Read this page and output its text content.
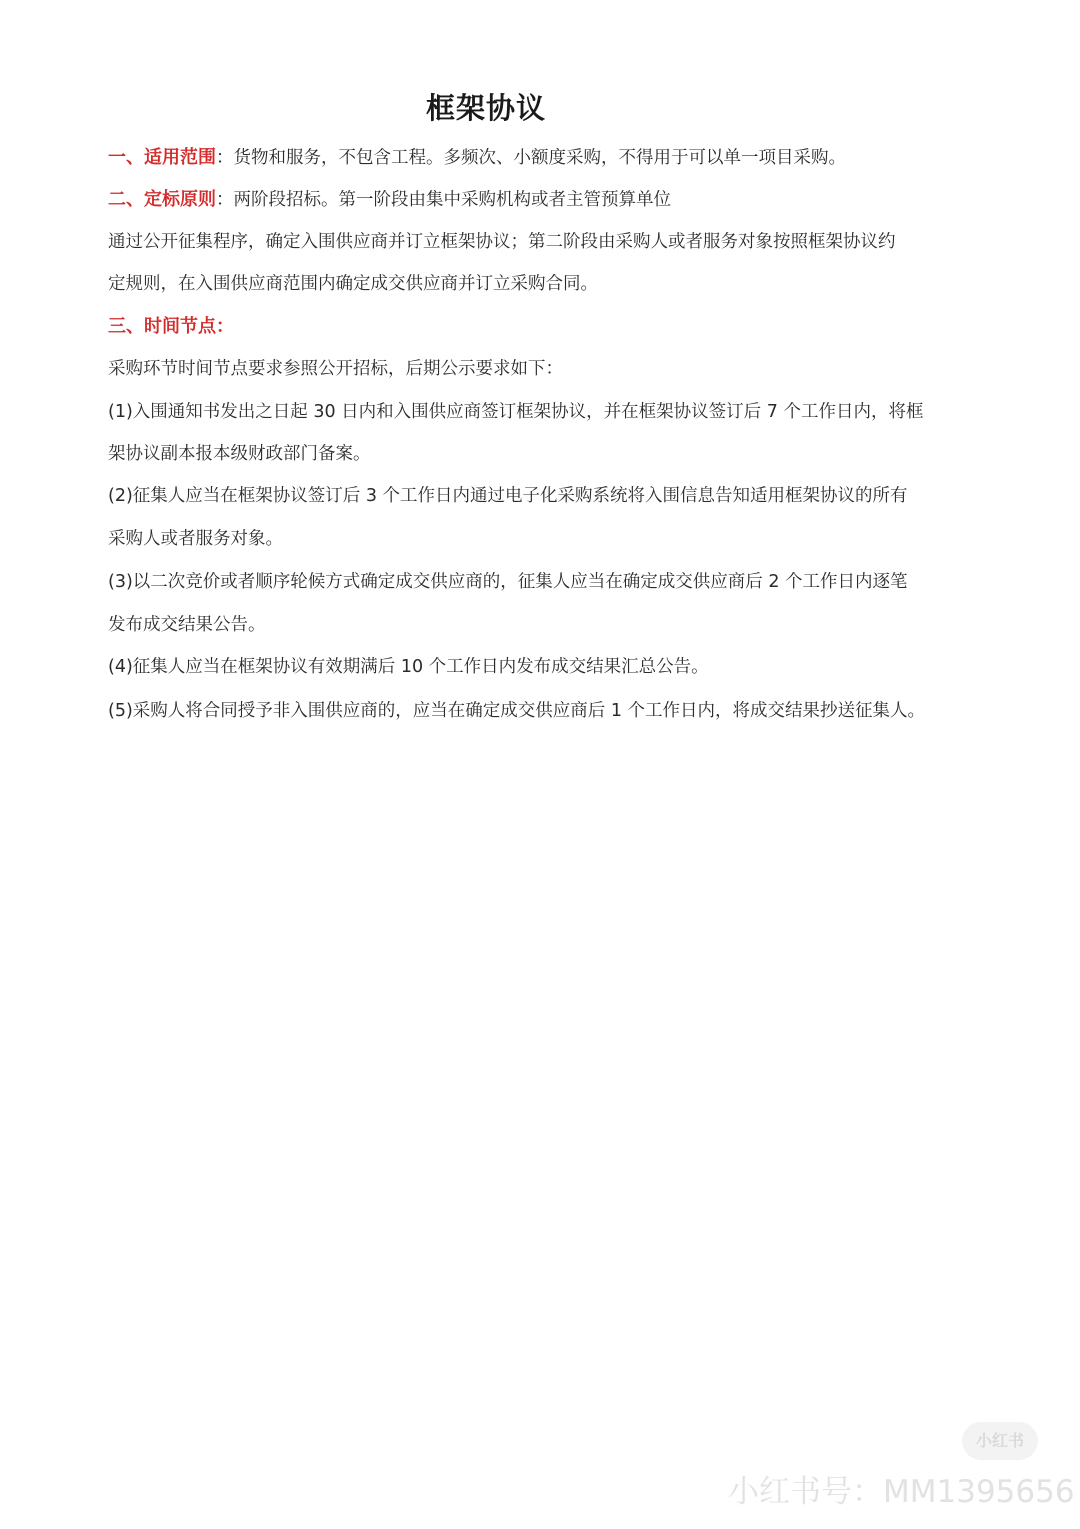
框架协议
一、适用范围：货物和服务，不包含工程。多频次、小额度采购，不得用于可以单一项目采购。
二、定标原则：两阶段招标。第一阶段由集中采购机构或者主管预算单位
通过公开征集程序，确定入围供应商并订立框架协议；第二阶段由采购人或者服务对象按照框架协议约
定规则，在入围供应商范围内确定成交供应商并订立采购合同。
三、时间节点：
采购环节时间节点要求参照公开招标，后期公示要求如下：
(1)入围通知书发出之日起 30 日内和入围供应商签订框架协议，并在框架协议签订后 7 个工作日内，将框
架协议副本报本级财政部门备案。
(2)征集人应当在框架协议签订后 3 个工作日内通过电子化采购系统将入围信息告知适用框架协议的所有
采购人或者服务对象。
(3)以二次竞价或者顺序轮候方式确定成交供应商的，征集人应当在确定成交供应商后 2 个工作日内逐笔
发布成交结果公告。
(4)征集人应当在框架协议有效期满后 10 个工作日内发布成交结果汇总公告。
(5)采购人将合同授予非入围供应商的，应当在确定成交供应商后 1 个工作日内，将成交结果抄送征集人。
小红书
小红书号：MM1395656
